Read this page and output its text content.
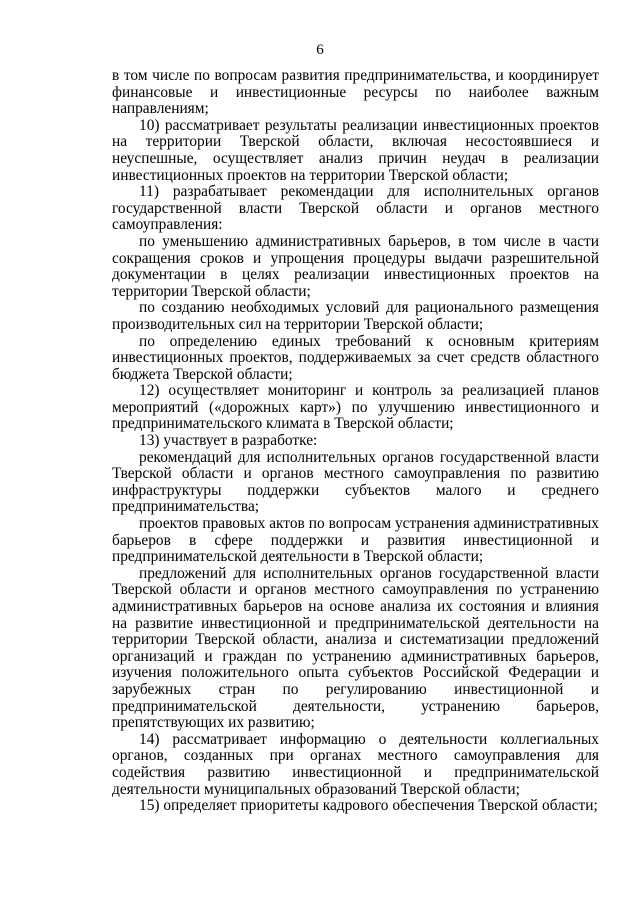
6

в том числе по вопросам развития предпринимательства, и координирует финансовые и инвестиционные ресурсы по наиболее важным направлениям;

10) рассматривает результаты реализации инвестиционных проектов на территории Тверской области, включая несостоявшиеся и неуспешные, осуществляет анализ причин неудач в реализации инвестиционных проектов на территории Тверской области;

11) разрабатывает рекомендации для исполнительных органов государственной власти Тверской области и органов местного самоуправления:

по уменьшению административных барьеров, в том числе в части сокращения сроков и упрощения процедуры выдачи разрешительной документации в целях реализации инвестиционных проектов на территории Тверской области;

по созданию необходимых условий для рационального размещения производительных сил на территории Тверской области;

по определению единых требований к основным критериям инвестиционных проектов, поддерживаемых за счет средств областного бюджета Тверской области;

12) осуществляет мониторинг и контроль за реализацией планов мероприятий («дорожных карт») по улучшению инвестиционного и предпринимательского климата в Тверской области;

13) участвует в разработке:

рекомендаций для исполнительных органов государственной власти Тверской области и органов местного самоуправления по развитию инфраструктуры поддержки субъектов малого и среднего предпринимательства;

проектов правовых актов по вопросам устранения административных барьеров в сфере поддержки и развития инвестиционной и предпринимательской деятельности в Тверской области;

предложений для исполнительных органов государственной власти Тверской области и органов местного самоуправления по устранению административных барьеров на основе анализа их состояния и влияния на развитие инвестиционной и предпринимательской деятельности на территории Тверской области, анализа и систематизации предложений организаций и граждан по устранению административных барьеров, изучения положительного опыта субъектов Российской Федерации и зарубежных стран по регулированию инвестиционной и предпринимательской деятельности, устранению барьеров, препятствующих их развитию;

14) рассматривает информацию о деятельности коллегиальных органов, созданных при органах местного самоуправления для содействия развитию инвестиционной и предпринимательской деятельности муниципальных образований Тверской области;

15) определяет приоритеты кадрового обеспечения Тверской области;
